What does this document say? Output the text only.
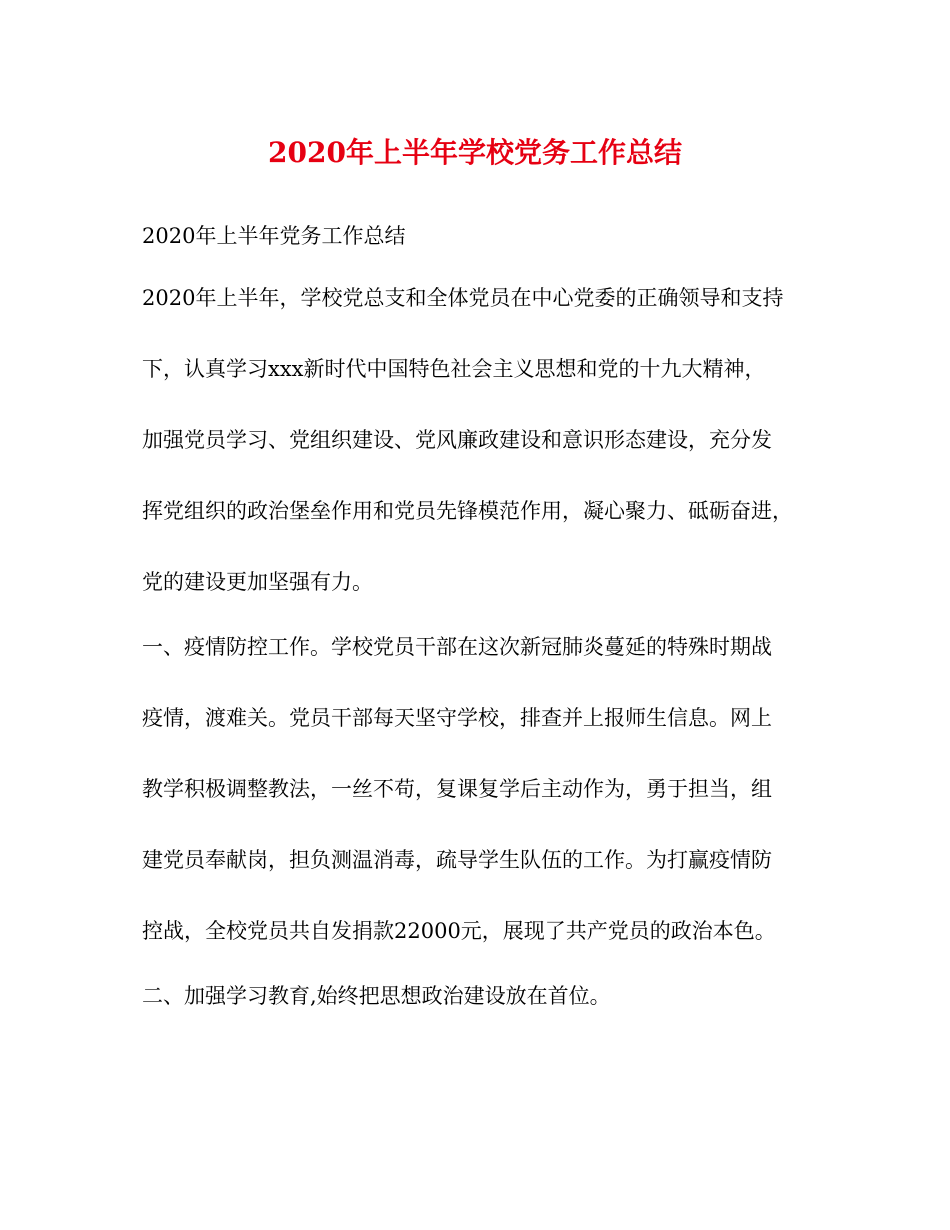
2020年上半年学校党务工作总结

2020年上半年党务工作总结

2020年上半年，学校党总支和全体党员在中心党委的正确领导和支持

下，认真学习xxx新时代中国特色社会主义思想和党的十九大精神，

加强党员学习、党组织建设、党风廉政建设和意识形态建设，充分发

挥党组织的政治堡垒作用和党员先锋模范作用，凝心聚力、砥砺奋进，

党的建设更加坚强有力。

一、疫情防控工作。学校党员干部在这次新冠肺炎蔓延的特殊时期战

疫情，渡难关。党员干部每天坚守学校，排查并上报师生信息。网上

教学积极调整教法，一丝不苟，复课复学后主动作为，勇于担当，组

建党员奉献岗，担负测温消毒，疏导学生队伍的工作。为打赢疫情防

控战，全校党员共自发捐款22000元，展现了共产党员的政治本色。

二、加强学习教育,始终把思想政治建设放在首位。
